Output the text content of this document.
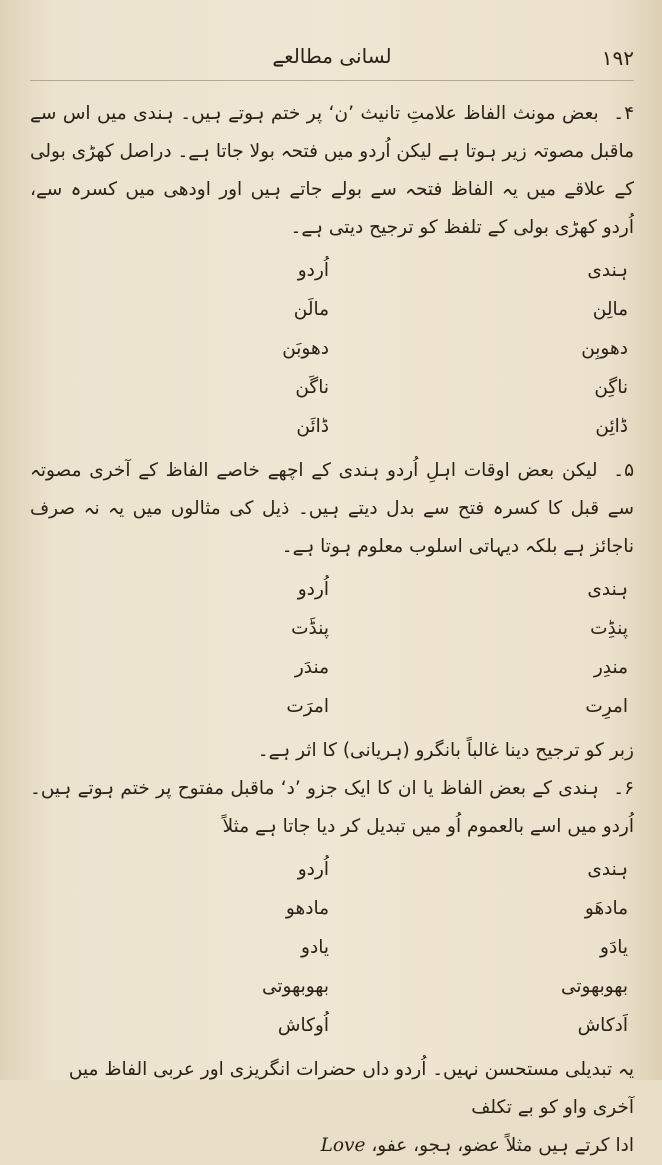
۱۹۲
لسانی مطالعے

۴۔ بعض مونث الفاظ علامتِ تانیث ’ن‘ پر ختم ہوتے ہیں۔ ہندی میں اس سے ماقبل مصوتہ زیر ہوتا ہے لیکن اُردو میں فتحہ بولا جاتا ہے۔ دراصل کھڑی بولی کے علاقے میں یہ الفاظ فتحہ سے بولے جاتے ہیں اور اودھی میں کسرہ سے، اُردو کھڑی بولی کے تلفظ کو ترجیح دیتی ہے۔

ہندی
اُردو
مالِن
مالَن
دھوبِن
دھوبَن
ناگِن
ناگَن
ڈائِن
ڈائَن

۵۔ لیکن بعض اوقات اہلِ اُردو ہندی کے اچھے خاصے الفاظ کے آخری مصوتہ سے قبل کا کسرہ فتح سے بدل دیتے ہیں۔ ذیل کی مثالوں میں یہ نہ صرف ناجائز ہے بلکہ دیہاتی اسلوب معلوم ہوتا ہے۔

ہندی
اُردو
پنڈِت
پنڈَت
مندِر
مندَر
امرِت
امرَت

زبر کو ترجیح دینا غالباً بانگرو (ہریانی) کا اثر ہے۔

۶۔ ہندی کے بعض الفاظ یا ان کا ایک جزو ’د‘ ماقبل مفتوح پر ختم ہوتے ہیں۔ اُردو میں اسے بالعموم اُو میں تبدیل کر دیا جاتا ہے مثلاً

ہندی
اُردو
مادھَو
مادھو
یادَو
یادو
بھوبھوتی
بھوبھوتی
اَدکاش
اُوکاش

یہ تبدیلی مستحسن نہیں۔ اُردو داں حضرات انگریزی اور عربی الفاظ میں آخری واو کو بے تکلف

ادا کرتے ہیں مثلاً عضو، ہجو، عفو، Love
